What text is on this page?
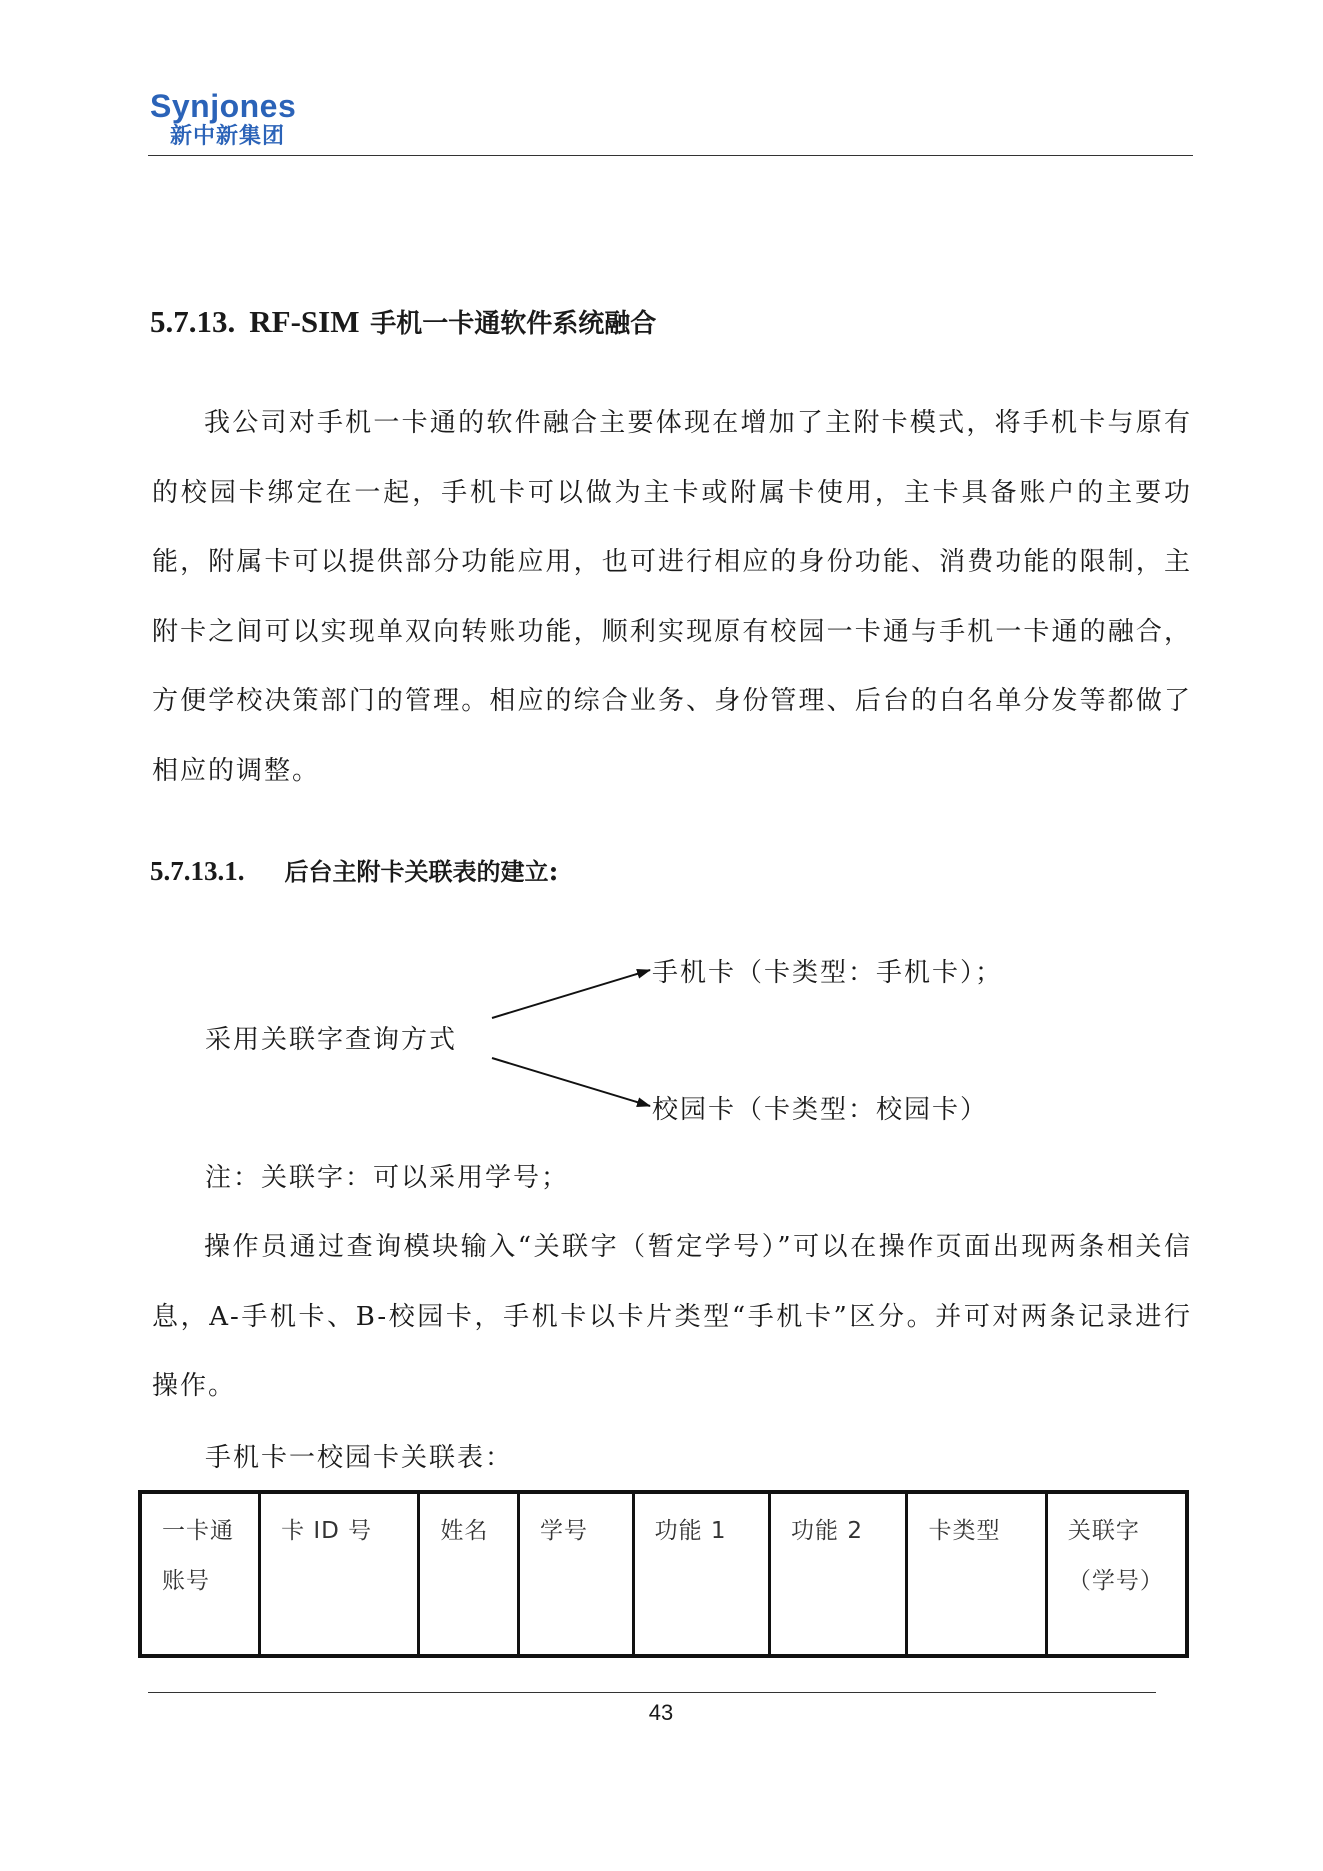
Synjones
新中新集团
5.7.13. RF-SIM 手机一卡通软件系统融合
我公司对手机一卡通的软件融合主要体现在增加了主附卡模式，将手机卡与原有的校园卡绑定在一起，手机卡可以做为主卡或附属卡使用，主卡具备账户的主要功能，附属卡可以提供部分功能应用，也可进行相应的身份功能、消费功能的限制，主附卡之间可以实现单双向转账功能，顺利实现原有校园一卡通与手机一卡通的融合，方便学校决策部门的管理。相应的综合业务、身份管理、后台的白名单分发等都做了相应的调整。
5.7.13.1. 后台主附卡关联表的建立:
手机卡（卡类型：手机卡）；
采用关联字查询方式
校园卡（卡类型：校园卡）
注：关联字：可以采用学号；
操作员通过查询模块输入“关联字（暂定学号）”可以在操作页面出现两条相关信息，A-手机卡、B-校园卡，手机卡以卡片类型“手机卡”区分。并可对两条记录进行操作。
手机卡一校园卡关联表：
一卡通账号	卡 ID 号	姓名	学号	功能 1	功能 2	卡类型	关联字（学号）
43
